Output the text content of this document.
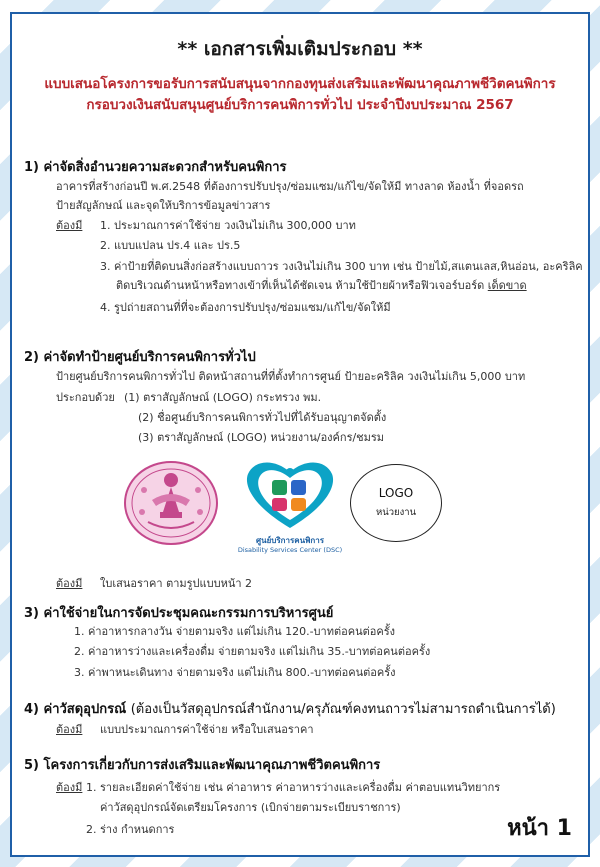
** เอกสารเพิ่มเติมประกอบ **
แบบเสนอโครงการขอรับการสนับสนุนจากกองทุนส่งเสริมและพัฒนาคุณภาพชีวิตคนพิการ
กรอบวงเงินสนับสนุนศูนย์บริการคนพิการทั่วไป ประจำปีงบประมาณ 2567
1) ค่าจัดสิ่งอำนวยความสะดวกสำหรับคนพิการ
อาคารที่สร้างก่อนปี พ.ศ.2548 ที่ต้องการปรับปรุง/ซ่อมแซม/แก้ไข/จัดให้มี ทางลาด ห้องน้ำ ที่จอดรถ
ป้ายสัญลักษณ์ และจุดให้บริการข้อมูลข่าวสาร
ต้องมี 1. ประมาณการค่าใช้จ่าย วงเงินไม่เกิน 300,000 บาท
2. แบบแปลน ปร.4 และ ปร.5
3. ค่าป้ายที่ติดบนสิ่งก่อสร้างแบบถาวร วงเงินไม่เกิน 300 บาท เช่น ป้ายไม้,สแตนเลส,หินอ่อน, อะคริลิค
ติดบริเวณด้านหน้าหรือทางเข้าที่เห็นได้ชัดเจน ห้ามใช้ป้ายผ้าหรือฟิวเจอร์บอร์ด เด็ดขาด
4. รูปถ่ายสถานที่ที่จะต้องการปรับปรุง/ซ่อมแซม/แก้ไข/จัดให้มี
2) ค่าจัดทำป้ายศูนย์บริการคนพิการทั่วไป
ป้ายศูนย์บริการคนพิการทั่วไป ติดหน้าสถานที่ที่ตั้งทำการศูนย์ ป้ายอะคริลิค วงเงินไม่เกิน 5,000 บาท
ประกอบด้วย (1) ตราสัญลักษณ์ (LOGO) กระทรวง พม.
(2) ชื่อศูนย์บริการคนพิการทั่วไปที่ได้รับอนุญาตจัดตั้ง
(3) ตราสัญลักษณ์ (LOGO) หน่วยงาน/องค์กร/ชมรม
ศูนย์บริการคนพิการ
Disability Services Center (DSC)
LOGO
หน่วยงาน
ต้องมี ใบเสนอราคา ตามรูปแบบหน้า 2
3) ค่าใช้จ่ายในการจัดประชุมคณะกรรมการบริหารศูนย์
1. ค่าอาหารกลางวัน จ่ายตามจริง แต่ไม่เกิน 120.-บาทต่อคนต่อครั้ง
2. ค่าอาหารว่างและเครื่องดื่ม จ่ายตามจริง แต่ไม่เกิน 35.-บาทต่อคนต่อครั้ง
3. ค่าพาหนะเดินทาง จ่ายตามจริง แต่ไม่เกิน 800.-บาทต่อคนต่อครั้ง
4) ค่าวัสดุอุปกรณ์ (ต้องเป็นวัสดุอุปกรณ์สำนักงาน/ครุภัณฑ์คงทนถาวรไม่สามารถดำเนินการได้)
ต้องมี แบบประมาณการค่าใช้จ่าย หรือใบเสนอราคา
5) โครงการเกี่ยวกับการส่งเสริมและพัฒนาคุณภาพชีวิตคนพิการ
ต้องมี 1. รายละเอียดค่าใช้จ่าย เช่น ค่าอาหาร ค่าอาหารว่างและเครื่องดื่ม ค่าตอบแทนวิทยากร
ค่าวัสดุอุปกรณ์จัดเตรียมโครงการ (เบิกจ่ายตามระเบียบราชการ)
2. ร่าง กำหนดการ	หน้า 1
